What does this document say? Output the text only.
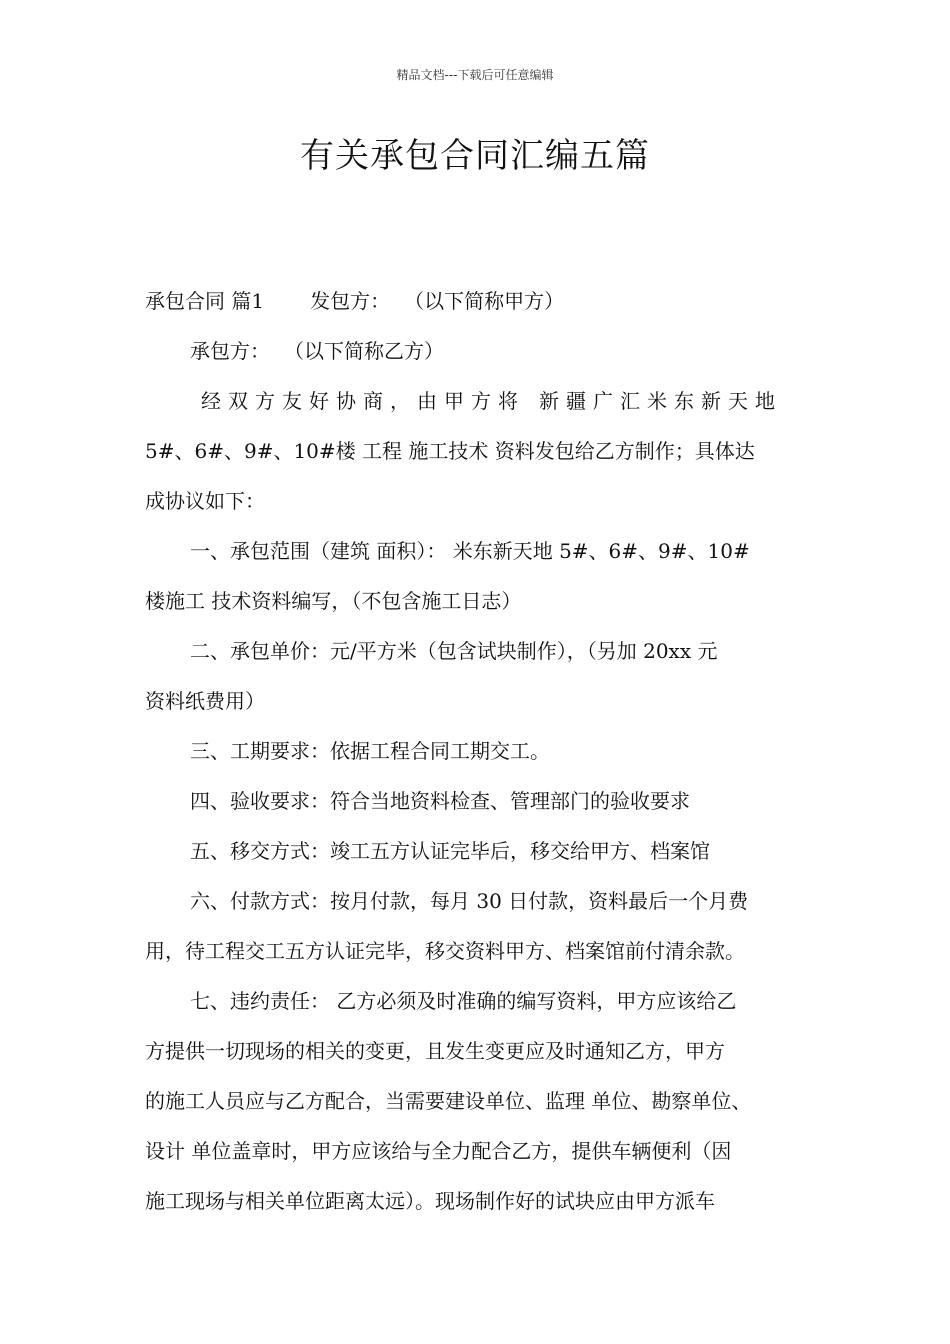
精品文档---下载后可任意编辑
有关承包合同汇编五篇
承包合同 篇1 发包方： （以下简称甲方）
承包方： （以下简称乙方）
经双方友好协商，由甲方将 新疆广汇米东新天地
5#、6#、9#、10#楼 工程 施工技术 资料发包给乙方制作；具体达
成协议如下：
一、承包范围（建筑 面积）： 米东新天地 5#、6#、9#、10#
楼施工 技术资料编写，（不包含施工日志）
二、承包单价：元/平方米（包含试块制作），（另加 20xx 元
资料纸费用）
三、工期要求：依据工程合同工期交工。
四、验收要求：符合当地资料检查、管理部门的验收要求
五、移交方式：竣工五方认证完毕后，移交给甲方、档案馆
六、付款方式：按月付款，每月 30 日付款，资料最后一个月费
用，待工程交工五方认证完毕，移交资料甲方、档案馆前付清余款。
七、违约责任： 乙方必须及时准确的编写资料，甲方应该给乙
方提供一切现场的相关的变更，且发生变更应及时通知乙方，甲方
的施工人员应与乙方配合，当需要建设单位、监理 单位、勘察单位、
设计 单位盖章时，甲方应该给与全力配合乙方，提供车辆便利（因
施工现场与相关单位距离太远）。现场制作好的试块应由甲方派车
